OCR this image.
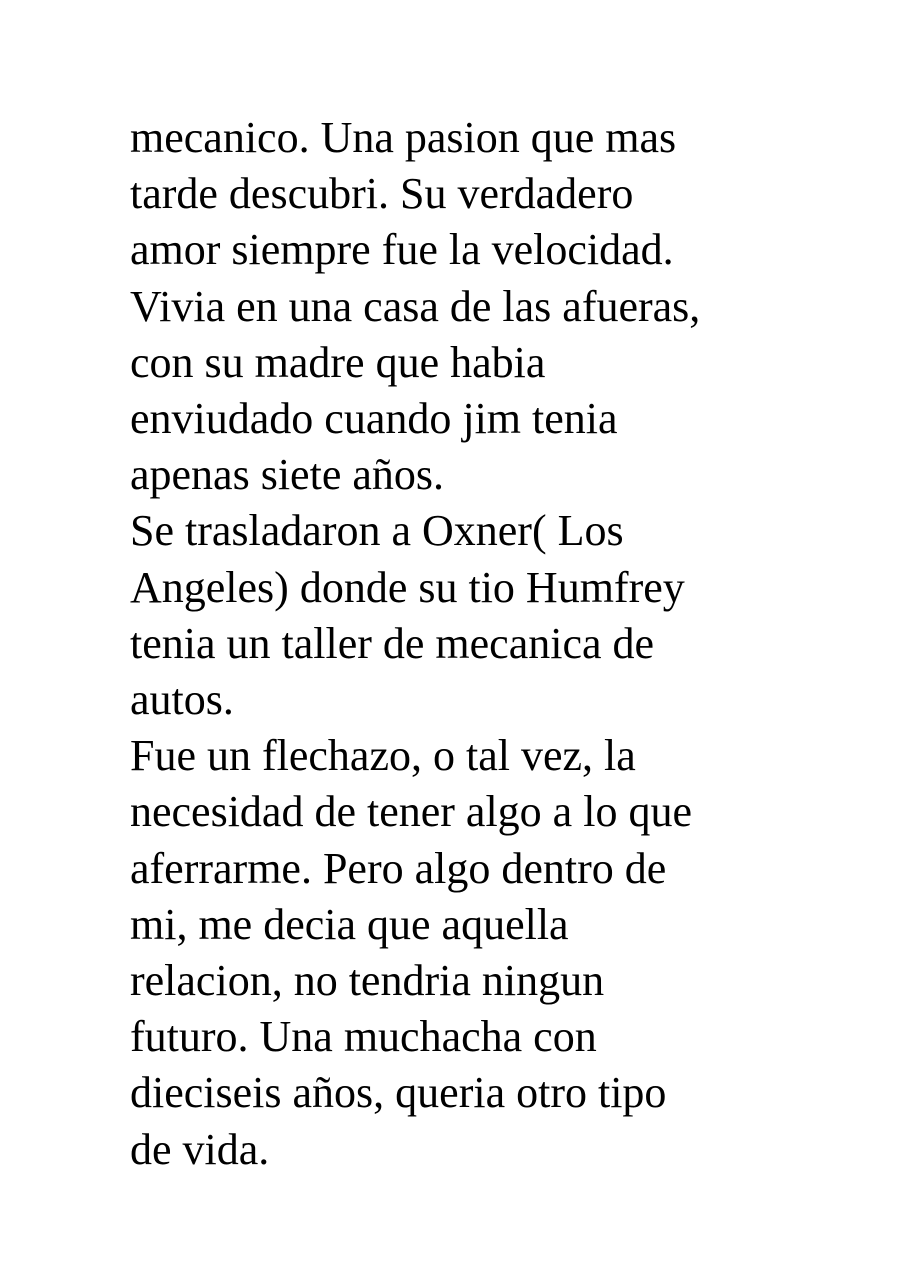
mecanico. Una pasion que mas
tarde descubri. Su verdadero
amor siempre fue la velocidad.
Vivia en una casa de las afueras,
con su madre que habia
enviudado cuando jim tenia
apenas siete años.
Se trasladaron a Oxner( Los
Angeles) donde su tio Humfrey
tenia un taller de mecanica de
autos.
Fue un flechazo, o tal vez, la
necesidad de tener algo a lo que
aferrarme. Pero algo dentro de
mi, me decia que aquella
relacion, no tendria ningun
futuro. Una muchacha con
dieciseis años, queria otro tipo
de vida.
